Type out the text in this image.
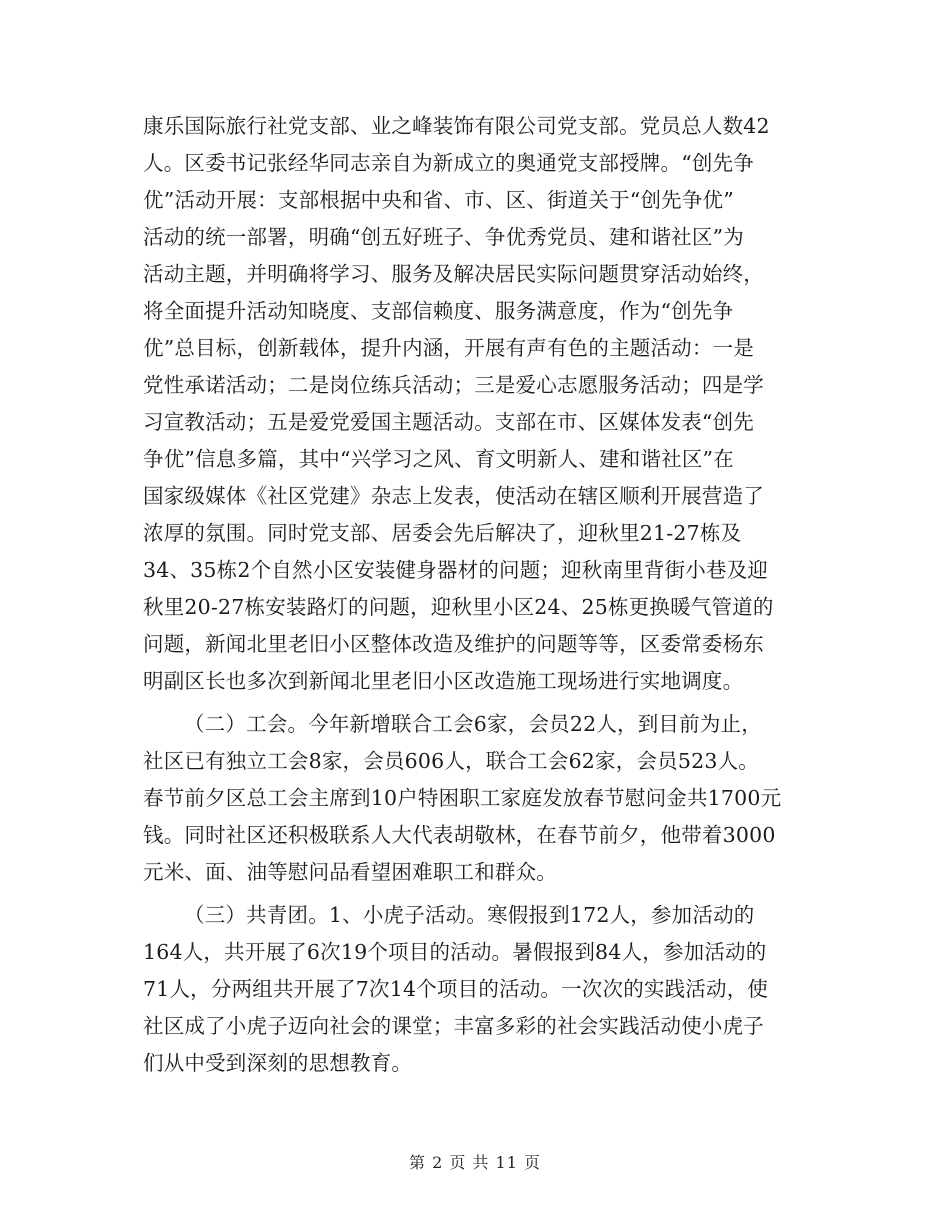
康乐国际旅行社党支部、业之峰装饰有限公司党支部。党员总人数42
人。区委书记张经华同志亲自为新成立的奥通党支部授牌。“创先争
优”活动开展：支部根据中央和省、市、区、街道关于“创先争优”
活动的统一部署，明确“创五好班子、争优秀党员、建和谐社区”为
活动主题，并明确将学习、服务及解决居民实际问题贯穿活动始终，
将全面提升活动知晓度、支部信赖度、服务满意度，作为“创先争
优”总目标，创新载体，提升内涵，开展有声有色的主题活动：一是
党性承诺活动；二是岗位练兵活动；三是爱心志愿服务活动；四是学
习宣教活动；五是爱党爱国主题活动。支部在市、区媒体发表“创先
争优”信息多篇，其中“兴学习之风、育文明新人、建和谐社区”在
国家级媒体《社区党建》杂志上发表，使活动在辖区顺利开展营造了
浓厚的氛围。同时党支部、居委会先后解决了，迎秋里21-27栋及
34、35栋2个自然小区安装健身器材的问题；迎秋南里背街小巷及迎
秋里20-27栋安装路灯的问题，迎秋里小区24、25栋更换暖气管道的
问题，新闻北里老旧小区整体改造及维护的问题等等，区委常委杨东
明副区长也多次到新闻北里老旧小区改造施工现场进行实地调度。
（二）工会。今年新增联合工会6家，会员22人，到目前为止，
社区已有独立工会8家，会员606人，联合工会62家，会员523人。
春节前夕区总工会主席到10户特困职工家庭发放春节慰问金共1700元
钱。同时社区还积极联系人大代表胡敬林，在春节前夕，他带着3000
元米、面、油等慰问品看望困难职工和群众。
（三）共青团。1、小虎子活动。寒假报到172人，参加活动的
164人，共开展了6次19个项目的活动。暑假报到84人，参加活动的
71人，分两组共开展了7次14个项目的活动。一次次的实践活动，使
社区成了小虎子迈向社会的课堂；丰富多彩的社会实践活动使小虎子
们从中受到深刻的思想教育。
第 2 页 共 11 页
